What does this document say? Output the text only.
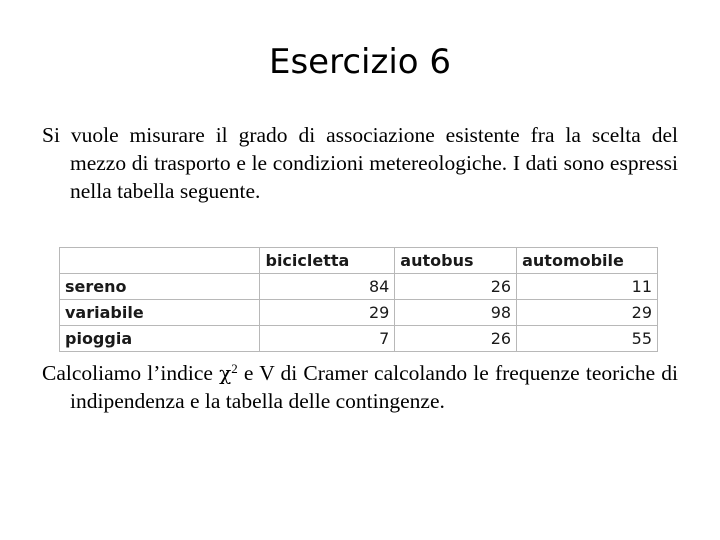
Esercizio 6

Si vuole misurare il grado di associazione esistente fra la scelta del mezzo di trasporto e le condizioni metereologiche. I dati sono espressi nella tabella seguente.

	bicicletta	autobus	automobile
sereno	84	26	11
variabile	29	98	29
pioggia	7	26	55

Calcoliamo l’indice $\chi^2$ e V di Cramer calcolando le frequenze teoriche di indipendenza e la tabella delle contingenze.
